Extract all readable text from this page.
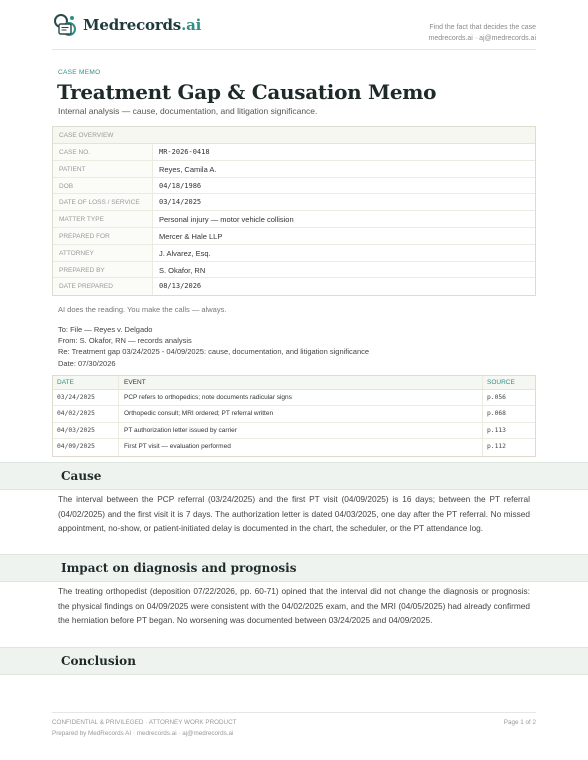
Medrecords.ai	Find the fact that decides the case
medrecords.ai · aj@medrecords.ai
CASE MEMO
Treatment Gap & Causation Memo
Internal analysis — cause, documentation, and litigation significance.
CASE OVERVIEW
CASE NO.	MR-2026-0418
PATIENT	Reyes, Camila A.
DOB	04/18/1986
DATE OF LOSS / SERVICE	03/14/2025
MATTER TYPE	Personal injury — motor vehicle collision
PREPARED FOR	Mercer & Hale LLP
ATTORNEY	J. Alvarez, Esq.
PREPARED BY	S. Okafor, RN
DATE PREPARED	08/13/2026
AI does the reading. You make the calls — always.
To: File — Reyes v. Delgado
From: S. Okafor, RN — records analysis
Re: Treatment gap 03/24/2025 - 04/09/2025: cause, documentation, and litigation significance
Date: 07/30/2026
DATE	EVENT	SOURCE
03/24/2025	PCP refers to orthopedics; note documents radicular signs	p.056
04/02/2025	Orthopedic consult; MRI ordered; PT referral written	p.068
04/03/2025	PT authorization letter issued by carrier	p.113
04/09/2025	First PT visit — evaluation performed	p.112
Cause
The interval between the PCP referral (03/24/2025) and the first PT visit (04/09/2025) is 16 days; between the PT referral (04/02/2025) and the first visit it is 7 days. The authorization letter is dated 04/03/2025, one day after the PT referral. No missed appointment, no-show, or patient-initiated delay is documented in the chart, the scheduler, or the PT attendance log.
Impact on diagnosis and prognosis
The treating orthopedist (deposition 07/22/2026, pp. 60-71) opined that the interval did not change the diagnosis or prognosis: the physical findings on 04/09/2025 were consistent with the 04/02/2025 exam, and the MRI (04/05/2025) had already confirmed the herniation before PT began. No worsening was documented between 03/24/2025 and 04/09/2025.
Conclusion
CONFIDENTIAL & PRIVILEGED · ATTORNEY WORK PRODUCT
Prepared by MedRecords AI · medrecords.ai · aj@medrecords.ai
Page 1 of 2
